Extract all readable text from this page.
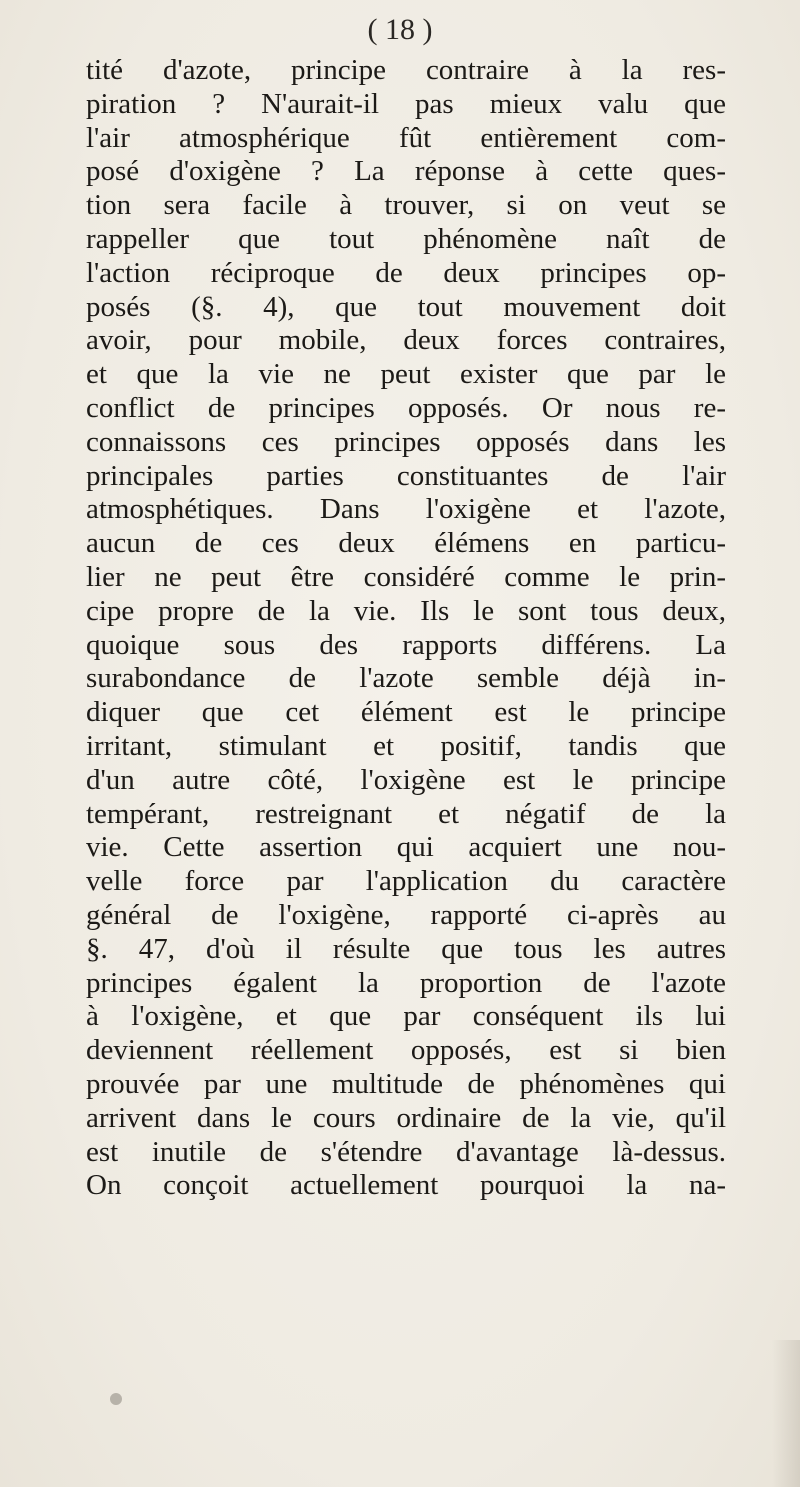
( 18 )
tité d'azote, principe contraire à la res-
piration ? N'aurait-il pas mieux valu que
l'air atmosphérique fût entièrement com-
posé d'oxigène ? La réponse à cette ques-
tion sera facile à trouver, si on veut se
rappeller que tout phénomène naît de
l'action réciproque de deux principes op-
posés (§. 4), que tout mouvement doit
avoir, pour mobile, deux forces contraires,
et que la vie ne peut exister que par le
conflict de principes opposés. Or nous re-
connaissons ces principes opposés dans les
principales parties constituantes de l'air
atmosphétiques. Dans l'oxigène et l'azote,
aucun de ces deux élémens en particu-
lier ne peut être considéré comme le prin-
cipe propre de la vie. Ils le sont tous deux,
quoique sous des rapports différens. La
surabondance de l'azote semble déjà in-
diquer que cet élément est le principe
irritant, stimulant et positif, tandis que
d'un autre côté, l'oxigène est le principe
tempérant, restreignant et négatif de la
vie. Cette assertion qui acquiert une nou-
velle force par l'application du caractère
général de l'oxigène, rapporté ci-après au
§. 47, d'où il résulte que tous les autres
principes égalent la proportion de l'azote
à l'oxigène, et que par conséquent ils lui
deviennent réellement opposés, est si bien
prouvée par une multitude de phénomènes qui
arrivent dans le cours ordinaire de la vie, qu'il
est inutile de s'étendre d'avantage là-dessus.
On conçoit actuellement pourquoi la na-
